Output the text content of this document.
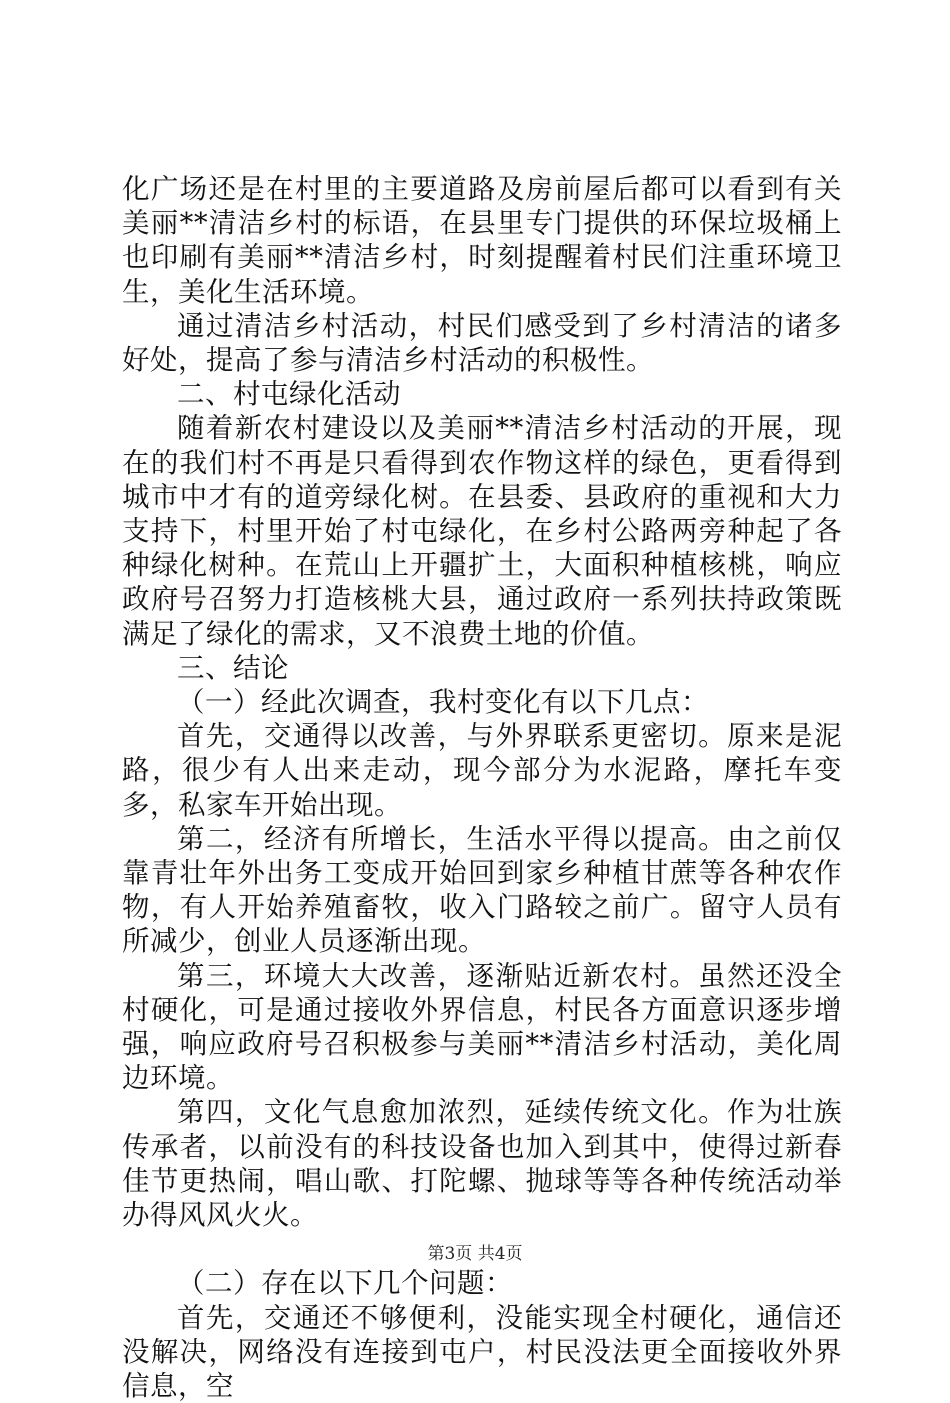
化广场还是在村里的主要道路及房前屋后都可以看到有关美丽**清洁乡村的标语，在县里专门提供的环保垃圾桶上也印刷有美丽**清洁乡村，时刻提醒着村民们注重环境卫生，美化生活环境。

通过清洁乡村活动，村民们感受到了乡村清洁的诸多好处，提高了参与清洁乡村活动的积极性。

二、村屯绿化活动

随着新农村建设以及美丽**清洁乡村活动的开展，现在的我们村不再是只看得到农作物这样的绿色，更看得到城市中才有的道旁绿化树。在县委、县政府的重视和大力支持下，村里开始了村屯绿化，在乡村公路两旁种起了各种绿化树种。在荒山上开疆扩土，大面积种植核桃，响应政府号召努力打造核桃大县，通过政府一系列扶持政策既满足了绿化的需求，又不浪费土地的价值。

三、结论

（一）经此次调查，我村变化有以下几点：

首先，交通得以改善，与外界联系更密切。原来是泥路，很少有人出来走动，现今部分为水泥路，摩托车变多，私家车开始出现。

第二，经济有所增长，生活水平得以提高。由之前仅靠青壮年外出务工变成开始回到家乡种植甘蔗等各种农作物，有人开始养殖畜牧，收入门路较之前广。留守人员有所减少，创业人员逐渐出现。

第三，环境大大改善，逐渐贴近新农村。虽然还没全村硬化，可是通过接收外界信息，村民各方面意识逐步增强，响应政府号召积极参与美丽**清洁乡村活动，美化周边环境。

第四，文化气息愈加浓烈，延续传统文化。作为壮族传承者，以前没有的科技设备也加入到其中，使得过新春佳节更热闹，唱山歌、打陀螺、抛球等等各种传统活动举办得风风火火。

（二）存在以下几个问题：

首先，交通还不够便利，没能实现全村硬化，通信还没解决，网络没有连接到屯户，村民没法更全面接收外界信息，空

第3页 共4页
